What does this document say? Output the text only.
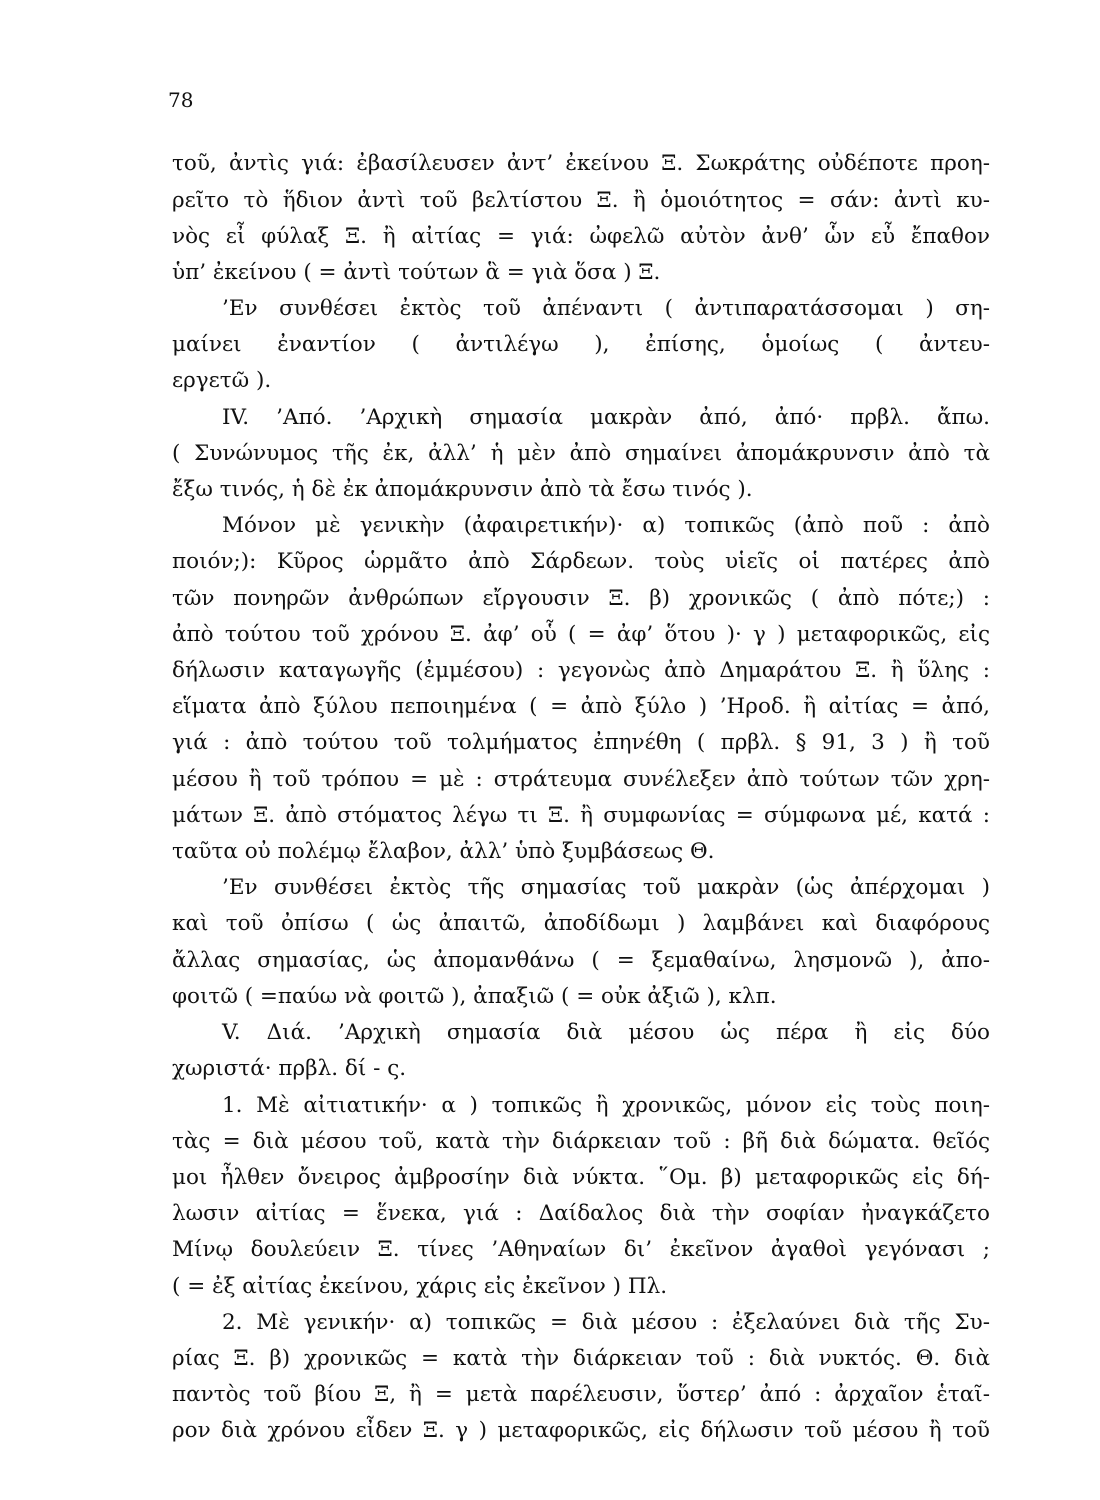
78
τοῦ, ἀντὶς γιά: ἐβασίλευσεν ἀντ’ ἐκείνου Ξ. Σωκράτης οὐδέποτε προη-
ρεῖτο τὸ ἥδιον ἀντὶ τοῦ βελτίστου Ξ. ἢ ὁμοιότητος = σάν: ἀντὶ κυ-
νὸς εἶ φύλαξ Ξ. ἢ αἰτίας = γιά: ὠφελῶ αὐτὸν ἀνθ’ ὧν εὖ ἔπαθον
ὑπ’ ἐκείνου ( = ἀντὶ τούτων ἃ = γιὰ ὅσα ) Ξ.
’Εν συνθέσει ἐκτὸς τοῦ ἀπέναντι ( ἀντιπαρατάσσομαι ) ση-
μαίνει ἐναντίον ( ἀντιλέγω ), ἐπίσης, ὁμοίως ( ἀντευ-
εργετῶ ).
IV. ’Από. ’Αρχικὴ σημασία μακρὰν ἀπό, ἀπό· πρβλ. ἄπω.
( Συνώνυμος τῆς ἐκ, ἀλλ’ ἡ μὲν ἀπὸ σημαίνει ἀπομάκρυνσιν ἀπὸ τὰ
ἔξω τινός, ἡ δὲ ἐκ ἀπομάκρυνσιν ἀπὸ τὰ ἔσω τινός ).
Μόνον μὲ γενικὴν (ἀφαιρετικήν)· α) τοπικῶς (ἀπὸ ποῦ : ἀπὸ
ποιόν;): Κῦρος ὡρμᾶτο ἀπὸ Σάρδεων. τοὺς υἱεῖς οἱ πατέρες ἀπὸ
τῶν πονηρῶν ἀνθρώπων εἴργουσιν Ξ. β) χρονικῶς ( ἀπὸ πότε;) :
ἀπὸ τούτου τοῦ χρόνου Ξ. ἀφ’ οὗ ( = ἀφ’ ὅτου )· γ ) μεταφορικῶς, εἰς
δήλωσιν καταγωγῆς (ἐμμέσου) : γεγονὼς ἀπὸ Δημαράτου Ξ. ἢ ὕλης :
εἵματα ἀπὸ ξύλου πεποιημένα ( = ἀπὸ ξύλο ) ’Ηροδ. ἢ αἰτίας = ἀπό,
γιά : ἀπὸ τούτου τοῦ τολμήματος ἐπηνέθη ( πρβλ. § 91, 3 ) ἢ τοῦ
μέσου ἢ τοῦ τρόπου = μὲ : στράτευμα συνέλεξεν ἀπὸ τούτων τῶν χρη-
μάτων Ξ. ἀπὸ στόματος λέγω τι Ξ. ἢ συμφωνίας = σύμφωνα μέ, κατά :
ταῦτα οὐ πολέμῳ ἔλαβον, ἀλλ’ ὑπὸ ξυμβάσεως Θ.
’Εν συνθέσει ἐκτὸς τῆς σημασίας τοῦ μακρὰν (ὡς ἀπέρχομαι )
καὶ τοῦ ὀπίσω ( ὡς ἀπαιτῶ, ἀποδίδωμι ) λαμβάνει καὶ διαφόρους
ἄλλας σημασίας, ὡς ἀπομανθάνω ( = ξεμαθαίνω, λησμονῶ ), ἀπο-
φοιτῶ ( =παύω νὰ φοιτῶ ), ἀπαξιῶ ( = οὐκ ἀξιῶ ), κλπ.
V. Διά. ’Αρχικὴ σημασία διὰ μέσου ὡς πέρα ἢ εἰς δύο
χωριστά· πρβλ. δί - ς.
1. Μὲ αἰτιατικήν· α ) τοπικῶς ἢ χρονικῶς, μόνον εἰς τοὺς ποιη-
τὰς = διὰ μέσου τοῦ, κατὰ τὴν διάρκειαν τοῦ : βῆ διὰ δώματα. θεῖός
μοι ἦλθεν ὄνειρος ἀμβροσίην διὰ νύκτα. ῞Ομ. β) μεταφορικῶς εἰς δή-
λωσιν αἰτίας = ἕνεκα, γιά : Δαίδαλος διὰ τὴν σοφίαν ἠναγκάζετο
Μίνῳ δουλεύειν Ξ. τίνες ’Αθηναίων δι’ ἐκεῖνον ἀγαθοὶ γεγόνασι ;
( = ἐξ αἰτίας ἐκείνου, χάρις εἰς ἐκεῖνον ) Πλ.
2. Μὲ γενικήν· α) τοπικῶς = διὰ μέσου : ἐξελαύνει διὰ τῆς Συ-
ρίας Ξ. β) χρονικῶς = κατὰ τὴν διάρκειαν τοῦ : διὰ νυκτός. Θ. διὰ
παντὸς τοῦ βίου Ξ, ἢ = μετὰ παρέλευσιν, ὕστερ’ ἀπό : ἀρχαῖον ἑταῖ-
ρον διὰ χρόνου εἶδεν Ξ. γ ) μεταφορικῶς, εἰς δήλωσιν τοῦ μέσου ἢ τοῦ
